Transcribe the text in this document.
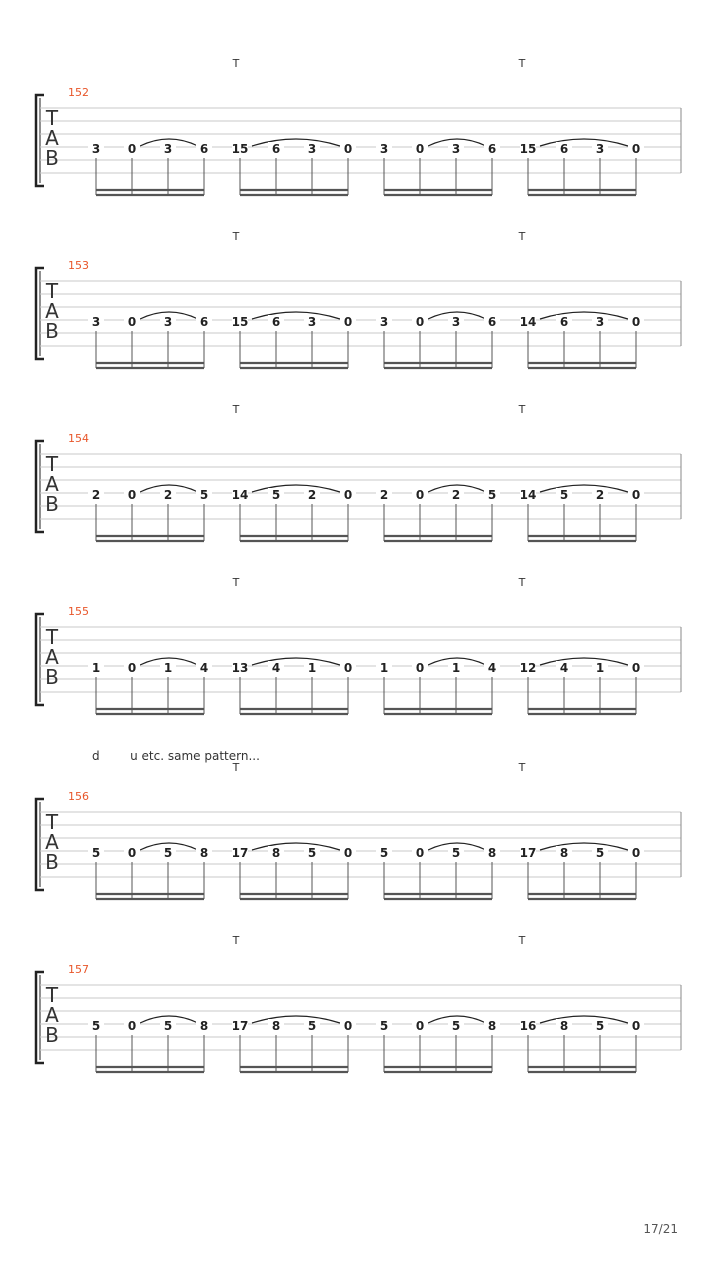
T
A
B
152
T	T
3 0 3 6 15 6 3 0 3 0 3 6 15 6 3 0
T
A
B
153
T	T
3 0 3 6 15 6 3 0 3 0 3 6 14 6 3 0
T
A
B
154
T	T
2 0 2 5 14 5 2 0 2 0 2 5 14 5 2 0
T
A
B
155
T	T
1 0 1 4 13 4 1 0 1 0 1 4 12 4 1 0
T
A
B
156
T	T
5 0 5 8 17 8 5 0 5 0 5 8 17 8 5 0
T
A
B
157
T	T
5 0 5 8 17 8 5 0 5 0 5 8 16 8 5 0
d        u etc. same pattern...
17/21
